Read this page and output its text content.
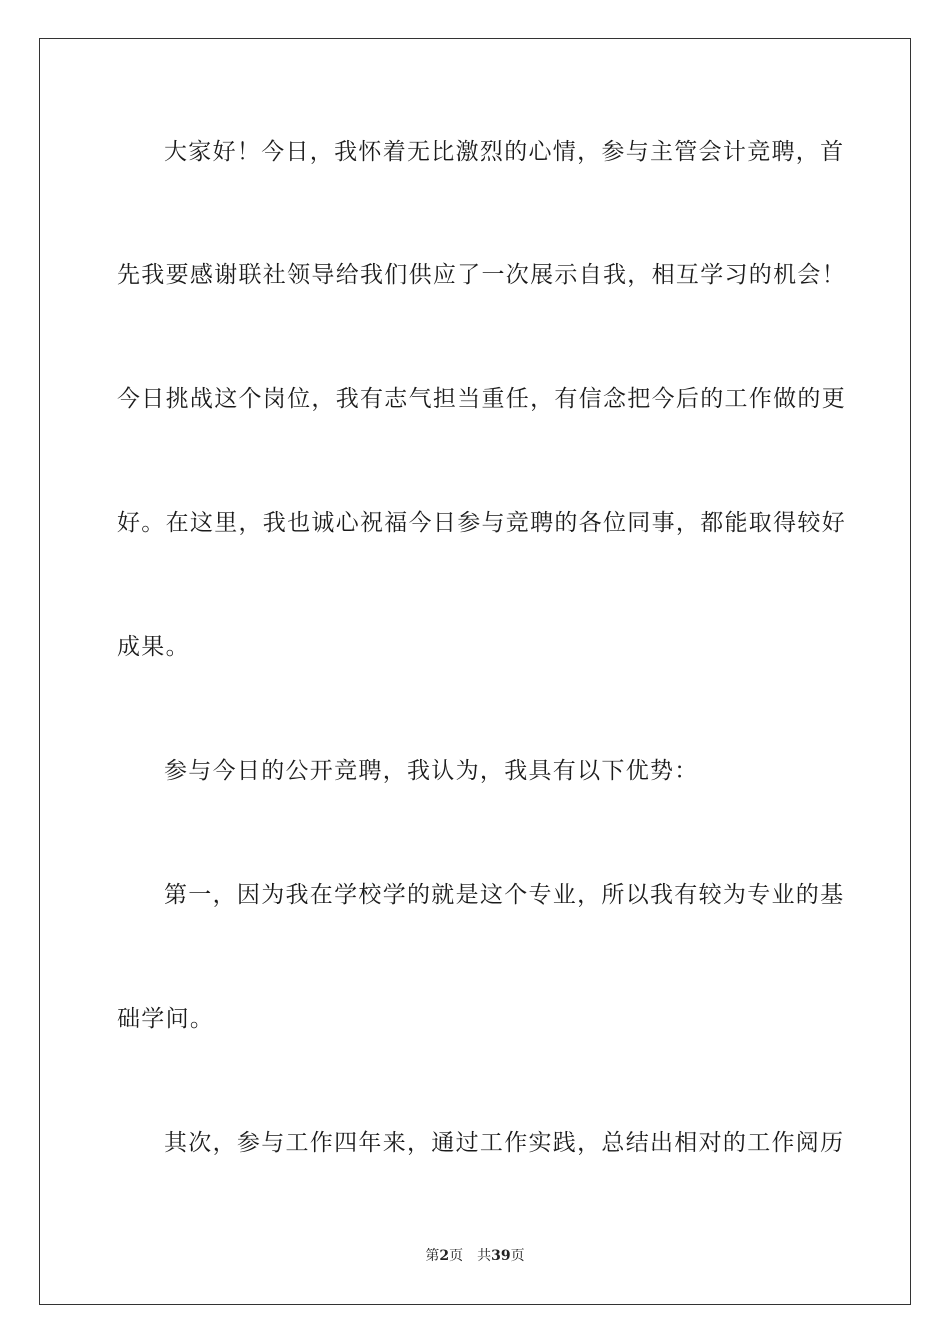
大家好！今日，我怀着无比激烈的心情，参与主管会计竞聘，首
先我要感谢联社领导给我们供应了一次展示自我，相互学习的机会！
今日挑战这个岗位，我有志气担当重任，有信念把今后的工作做的更
好。在这里，我也诚心祝福今日参与竞聘的各位同事，都能取得较好
成果。
参与今日的公开竞聘，我认为，我具有以下优势：
第一，因为我在学校学的就是这个专业，所以我有较为专业的基
础学问。
其次，参与工作四年来，通过工作实践，总结出相对的工作阅历
第2页 共39页
